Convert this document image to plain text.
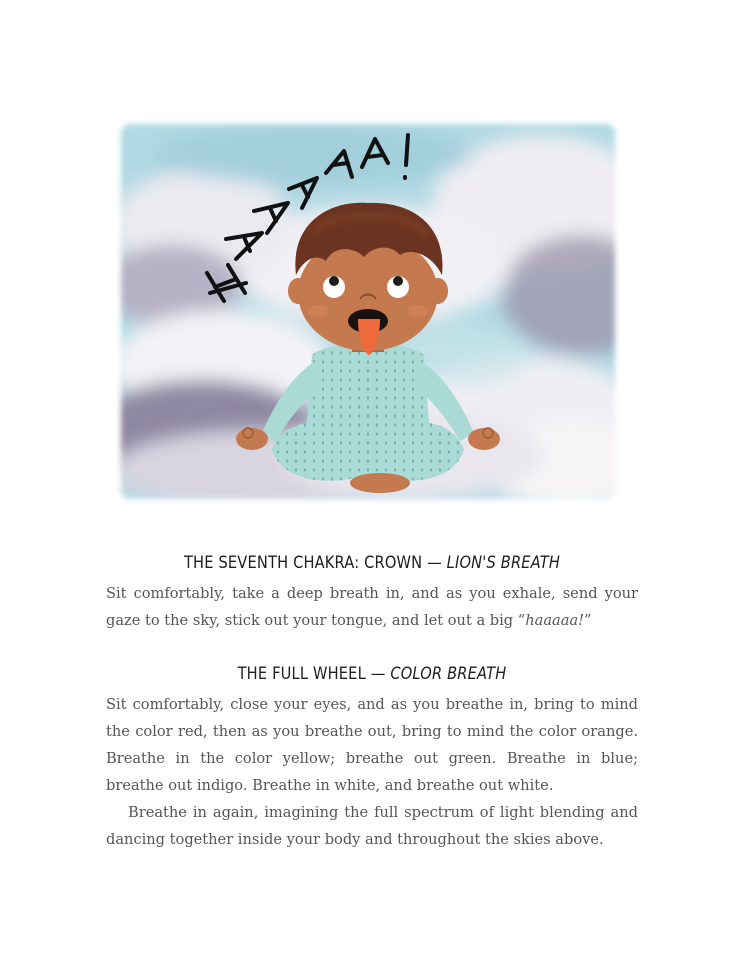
THE SEVENTH CHAKRA: CROWN — LION'S BREATH

Sit comfortably, take a deep breath in, and as you exhale, send your gaze to the sky, stick out your tongue, and let out a big “haaaaa!”

THE FULL WHEEL — COLOR BREATH

Sit comfortably, close your eyes, and as you breathe in, bring to mind the color red, then as you breathe out, bring to mind the color orange. Breathe in the color yellow; breathe out green. Breathe in blue; breathe out indigo. Breathe in white, and breathe out white.

Breathe in again, imagining the full spectrum of light blending and dancing together inside your body and throughout the skies above.
